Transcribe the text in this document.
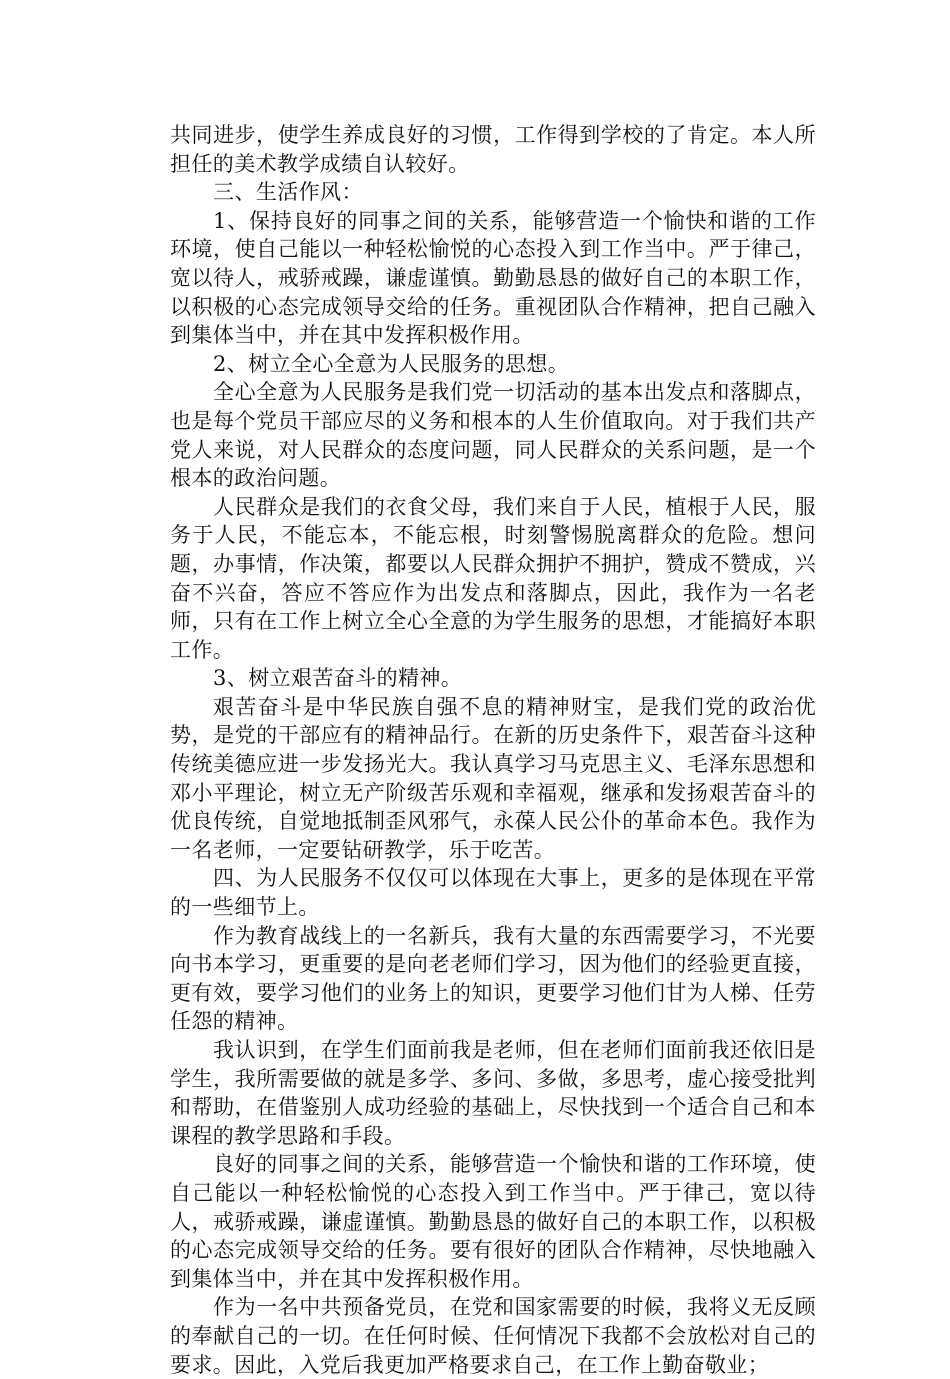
共同进步，使学生养成良好的习惯，工作得到学校的了肯定。本人所担任的美术教学成绩自认较好。

三、生活作风：

1、保持良好的同事之间的关系，能够营造一个愉快和谐的工作环境，使自己能以一种轻松愉悦的心态投入到工作当中。严于律己，宽以待人，戒骄戒躁，谦虚谨慎。勤勤恳恳的做好自己的本职工作，以积极的心态完成领导交给的任务。重视团队合作精神，把自己融入到集体当中，并在其中发挥积极作用。

2、树立全心全意为人民服务的思想。

全心全意为人民服务是我们党一切活动的基本出发点和落脚点，也是每个党员干部应尽的义务和根本的人生价值取向。对于我们共产党人来说，对人民群众的态度问题，同人民群众的关系问题，是一个根本的政治问题。

人民群众是我们的衣食父母，我们来自于人民，植根于人民，服务于人民，不能忘本，不能忘根，时刻警惕脱离群众的危险。想问题，办事情，作决策，都要以人民群众拥护不拥护，赞成不赞成，兴奋不兴奋，答应不答应作为出发点和落脚点，因此，我作为一名老师，只有在工作上树立全心全意的为学生服务的思想，才能搞好本职工作。

3、树立艰苦奋斗的精神。

艰苦奋斗是中华民族自强不息的精神财宝，是我们党的政治优势，是党的干部应有的精神品行。在新的历史条件下，艰苦奋斗这种传统美德应进一步发扬光大。我认真学习马克思主义、毛泽东思想和邓小平理论，树立无产阶级苦乐观和幸福观，继承和发扬艰苦奋斗的优良传统，自觉地抵制歪风邪气，永葆人民公仆的革命本色。我作为一名老师，一定要钻研教学，乐于吃苦。

四、为人民服务不仅仅可以体现在大事上，更多的是体现在平常的一些细节上。

作为教育战线上的一名新兵，我有大量的东西需要学习，不光要向书本学习，更重要的是向老老师们学习，因为他们的经验更直接，更有效，要学习他们的业务上的知识，更要学习他们甘为人梯、任劳任怨的精神。

我认识到，在学生们面前我是老师，但在老师们面前我还依旧是学生，我所需要做的就是多学、多问、多做，多思考，虚心接受批判和帮助，在借鉴别人成功经验的基础上，尽快找到一个适合自己和本课程的教学思路和手段。

良好的同事之间的关系，能够营造一个愉快和谐的工作环境，使自己能以一种轻松愉悦的心态投入到工作当中。严于律己，宽以待人，戒骄戒躁，谦虚谨慎。勤勤恳恳的做好自己的本职工作，以积极的心态完成领导交给的任务。要有很好的团队合作精神，尽快地融入到集体当中，并在其中发挥积极作用。

作为一名中共预备党员，在党和国家需要的时候，我将义无反顾的奉献自己的一切。在任何时候、任何情况下我都不会放松对自己的要求。因此，入党后我更加严格要求自己，在工作上勤奋敬业；
